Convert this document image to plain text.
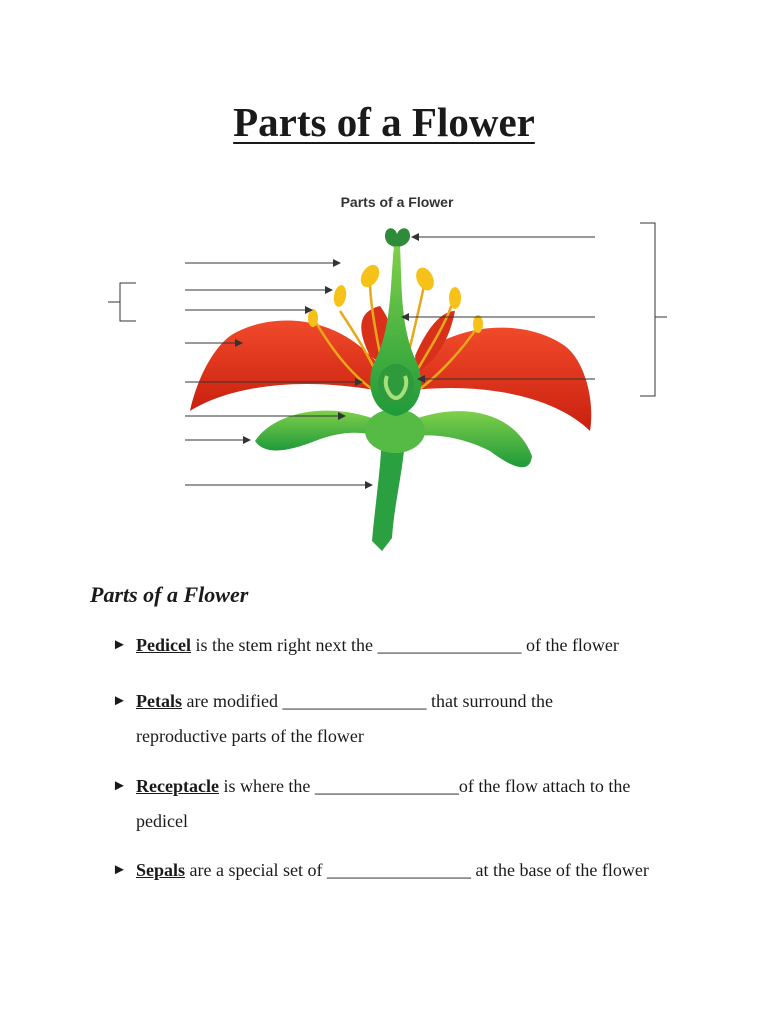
Parts of a Flower
Parts of a Flower
Parts of a Flower
► Pedicel is the stem right next the ________________ of the flower
► Petals are modified ________________ that surround the
reproductive parts of the flower
► Receptacle is where the ________________of the flow attach to the
pedicel
► Sepals are a special set of ________________ at the base of the flower
